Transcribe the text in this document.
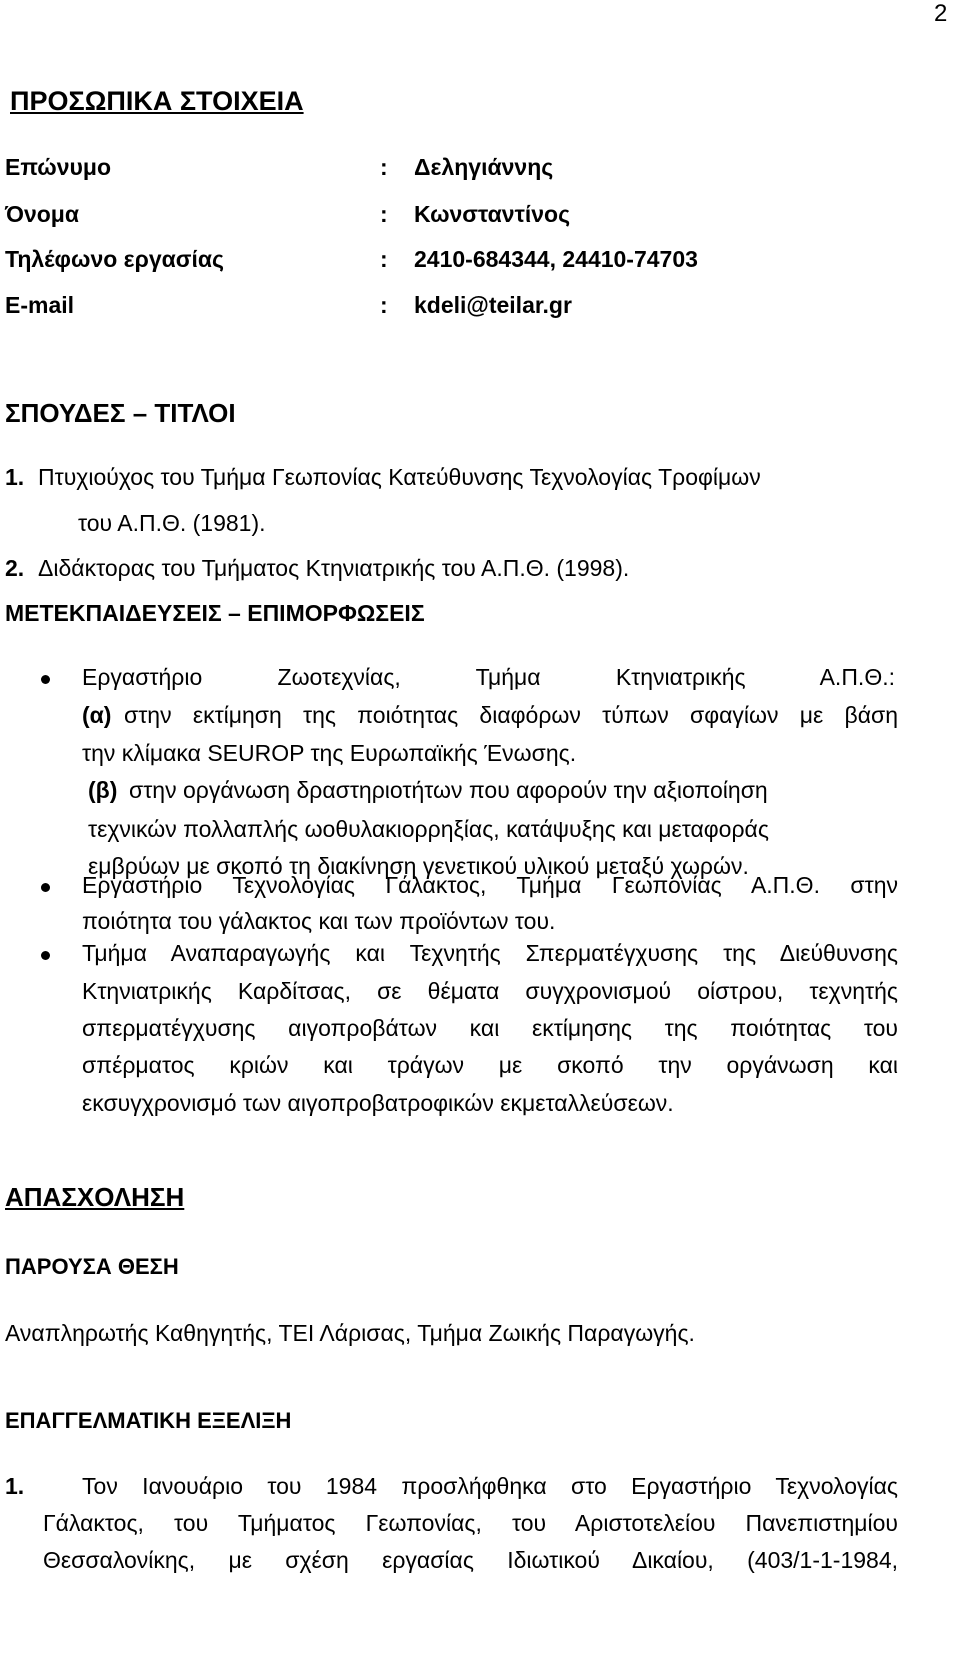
2
ΠΡΟΣΩΠΙΚΑ ΣΤΟΙΧΕΙΑ
Επώνυμο	: Δεληγιάννης
Όνομα	: Κωνσταντίνος
Τηλέφωνο εργασίας	: 2410-684344, 24410-74703
E-mail	: kdeli@teilar.gr
ΣΠΟΥΔΕΣ – ΤΙΤΛΟΙ
1. Πτυχιούχος του Τμήμα Γεωπονίας Κατεύθυνσης Τεχνολογίας Τροφίμων
του Α.Π.Θ. (1981).
2. Διδάκτορας του Τμήματος Κτηνιατρικής του Α.Π.Θ. (1998).
ΜΕΤΕΚΠΑΙΔΕΥΣΕΙΣ – ΕΠΙΜΟΡΦΩΣΕΙΣ
Εργαστήριο Ζωοτεχνίας, Τμήμα Κτηνιατρικής Α.Π.Θ.:
(α) στην εκτίμηση της ποιότητας διαφόρων τύπων σφαγίων με βάση
την κλίμακα SEUROP της Ευρωπαϊκής Ένωσης.
(β) στην οργάνωση δραστηριοτήτων που αφορούν την αξιοποίηση
τεχνικών πολλαπλής ωοθυλακιορρηξίας, κατάψυξης και μεταφοράς
εμβρύων με σκοπό τη διακίνηση γενετικού υλικού μεταξύ χωρών.
Εργαστήριο Τεχνολογίας Γάλακτος, Τμήμα Γεωπονίας Α.Π.Θ. στην
ποιότητα του γάλακτος και των προϊόντων του.
Τμήμα Αναπαραγωγής και Τεχνητής Σπερματέγχυσης της Διεύθυνσης
Κτηνιατρικής Καρδίτσας, σε θέματα συγχρονισμού οίστρου, τεχνητής
σπερματέγχυσης αιγοπροβάτων και εκτίμησης της ποιότητας του
σπέρματος κριών και τράγων με σκοπό την οργάνωση και
εκσυγχρονισμό των αιγοπροβατροφικών εκμεταλλεύσεων.
ΑΠΑΣΧΟΛΗΣΗ
ΠΑΡΟΥΣΑ ΘΕΣΗ
Αναπληρωτής Καθηγητής, ΤΕΙ Λάρισας, Τμήμα Ζωικής Παραγωγής.
ΕΠΑΓΓΕΛΜΑΤΙΚΗ ΕΞΕΛΙΞΗ
1.	Τον Ιανουάριο του 1984 προσλήφθηκα στο Εργαστήριο Τεχνολογίας
Γάλακτος, του Τμήματος Γεωπονίας, του Αριστοτελείου Πανεπιστημίου
Θεσσαλονίκης, με σχέση εργασίας Ιδιωτικού Δικαίου, (403/1-1-1984,
